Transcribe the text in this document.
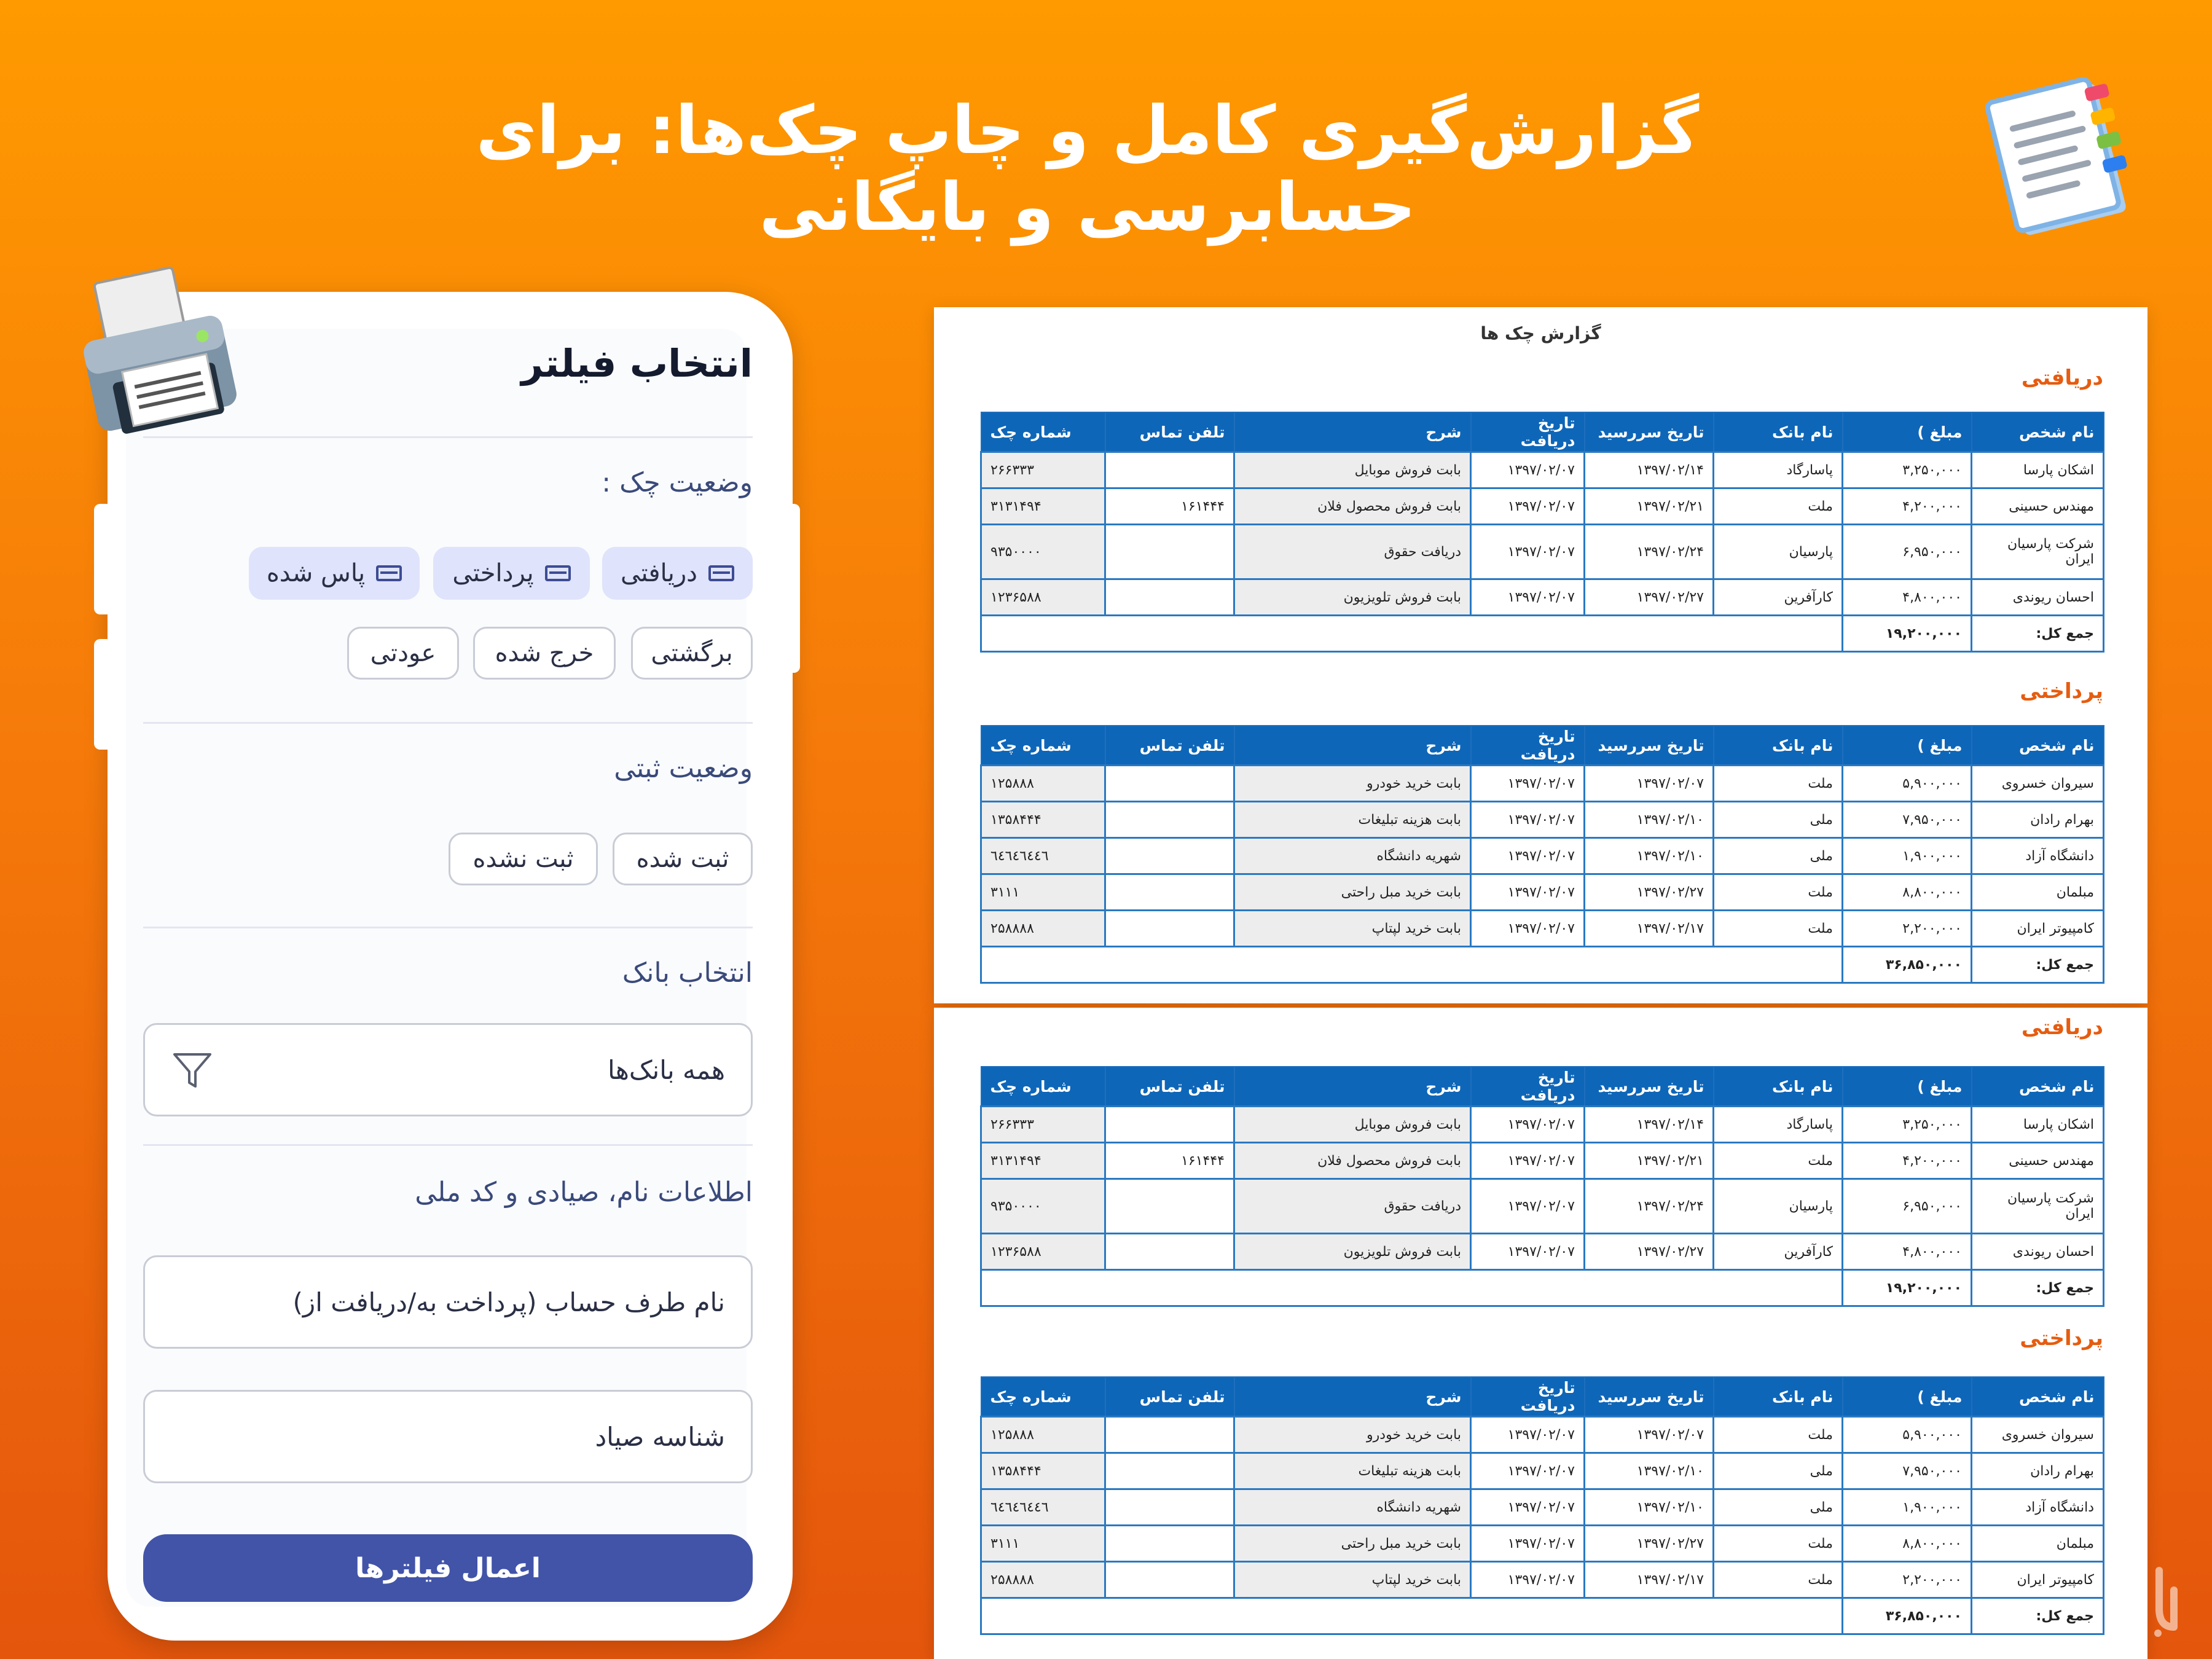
گزارش‌گیری کامل و چاپ چک‌ها: برای حسابرسی و بایگانی
انتخاب فیلتر
وضعیت چک :
دریافتی
پرداختی
پاس شده
برگشتی
خرج شده
عودتی
وضعیت ثبتی
ثبت شده
ثبت نشده
انتخاب بانک
همه بانک‌ها
اطلاعات نام، صیادی و کد ملی
نام طرف حساب (پرداخت به/دریافت از)
شناسه صیاد
اعمال فیلترها
گزارش چک ها
دریافتی
نام شخص	مبلغ )	نام بانک	تاریخ سررسید	تاریخ دریافت	شرح	تلفن تماس	شماره چک
اشکان پارسا	۳,۲۵۰,۰۰۰	پاسارگاد	۱۳۹۷/۰۲/۱۴	۱۳۹۷/۰۲/۰۷	بابت فروش موبایل		۲۶۶۳۳۳
مهندس حسینی	۴,۲۰۰,۰۰۰	ملت	۱۳۹۷/۰۲/۲۱	۱۳۹۷/۰۲/۰۷	بابت فروش محصول فلان	۱۶۱۴۴۴	۳۱۳۱۴۹۴
شرکت پارسیان ایران	۶,۹۵۰,۰۰۰	پارسیان	۱۳۹۷/۰۲/۲۴	۱۳۹۷/۰۲/۰۷	دریافت حقوق		۹۳۵۰۰۰۰
احسان ریوندی	۴,۸۰۰,۰۰۰	کارآفرین	۱۳۹۷/۰۲/۲۷	۱۳۹۷/۰۲/۰۷	بابت فروش تلویزیون		۱۲۳۶۵۸۸
جمع کل:	۱۹,۲۰۰,۰۰۰						
پرداختی
نام شخص	مبلغ )	نام بانک	تاریخ سررسید	تاریخ دریافت	شرح	تلفن تماس	شماره چک
سیروان خسروی	۵,۹۰۰,۰۰۰	ملت	۱۳۹۷/۰۲/۰۷	۱۳۹۷/۰۲/۰۷	بابت خرید خودرو		۱۲۵۸۸۸
بهرام رادان	۷,۹۵۰,۰۰۰	ملی	۱۳۹۷/۰۲/۱۰	۱۳۹۷/۰۲/۰۷	بابت هزینه تبلیغات		۱۳۵۸۴۴۴
دانشگاه آزاد	۱,۹۰۰,۰۰۰	ملی	۱۳۹۷/۰۲/۱۰	۱۳۹۷/۰۲/۰۷	شهریه دانشگاه		٦٤٦٤٦٤٤٦
مبلمان	۸,۸۰۰,۰۰۰	ملت	۱۳۹۷/۰۲/۲۷	۱۳۹۷/۰۲/۰۷	بابت خرید مبل راحتی		۳۱۱۱
کامپیوتر ایران	۲,۲۰۰,۰۰۰	ملت	۱۳۹۷/۰۲/۱۷	۱۳۹۷/۰۲/۰۷	بابت خرید لپتاپ		۲۵۸۸۸۸
جمع کل:	۳۶,۸۵۰,۰۰۰						
دریافتی
نام شخص	مبلغ )	نام بانک	تاریخ سررسید	تاریخ دریافت	شرح	تلفن تماس	شماره چک
اشکان پارسا	۳,۲۵۰,۰۰۰	پاسارگاد	۱۳۹۷/۰۲/۱۴	۱۳۹۷/۰۲/۰۷	بابت فروش موبایل		۲۶۶۳۳۳
مهندس حسینی	۴,۲۰۰,۰۰۰	ملت	۱۳۹۷/۰۲/۲۱	۱۳۹۷/۰۲/۰۷	بابت فروش محصول فلان	۱۶۱۴۴۴	۳۱۳۱۴۹۴
شرکت پارسیان ایران	۶,۹۵۰,۰۰۰	پارسیان	۱۳۹۷/۰۲/۲۴	۱۳۹۷/۰۲/۰۷	دریافت حقوق		۹۳۵۰۰۰۰
احسان ریوندی	۴,۸۰۰,۰۰۰	کارآفرین	۱۳۹۷/۰۲/۲۷	۱۳۹۷/۰۲/۰۷	بابت فروش تلویزیون		۱۲۳۶۵۸۸
جمع کل:	۱۹,۲۰۰,۰۰۰						
پرداختی
نام شخص	مبلغ )	نام بانک	تاریخ سررسید	تاریخ دریافت	شرح	تلفن تماس	شماره چک
سیروان خسروی	۵,۹۰۰,۰۰۰	ملت	۱۳۹۷/۰۲/۰۷	۱۳۹۷/۰۲/۰۷	بابت خرید خودرو		۱۲۵۸۸۸
بهرام رادان	۷,۹۵۰,۰۰۰	ملی	۱۳۹۷/۰۲/۱۰	۱۳۹۷/۰۲/۰۷	بابت هزینه تبلیغات		۱۳۵۸۴۴۴
دانشگاه آزاد	۱,۹۰۰,۰۰۰	ملی	۱۳۹۷/۰۲/۱۰	۱۳۹۷/۰۲/۰۷	شهریه دانشگاه		٦٤٦٤٦٤٤٦
مبلمان	۸,۸۰۰,۰۰۰	ملت	۱۳۹۷/۰۲/۲۷	۱۳۹۷/۰۲/۰۷	بابت خرید مبل راحتی		۳۱۱۱
کامپیوتر ایران	۲,۲۰۰,۰۰۰	ملت	۱۳۹۷/۰۲/۱۷	۱۳۹۷/۰۲/۰۷	بابت خرید لپتاپ		۲۵۸۸۸۸
جمع کل:	۳۶,۸۵۰,۰۰۰						
